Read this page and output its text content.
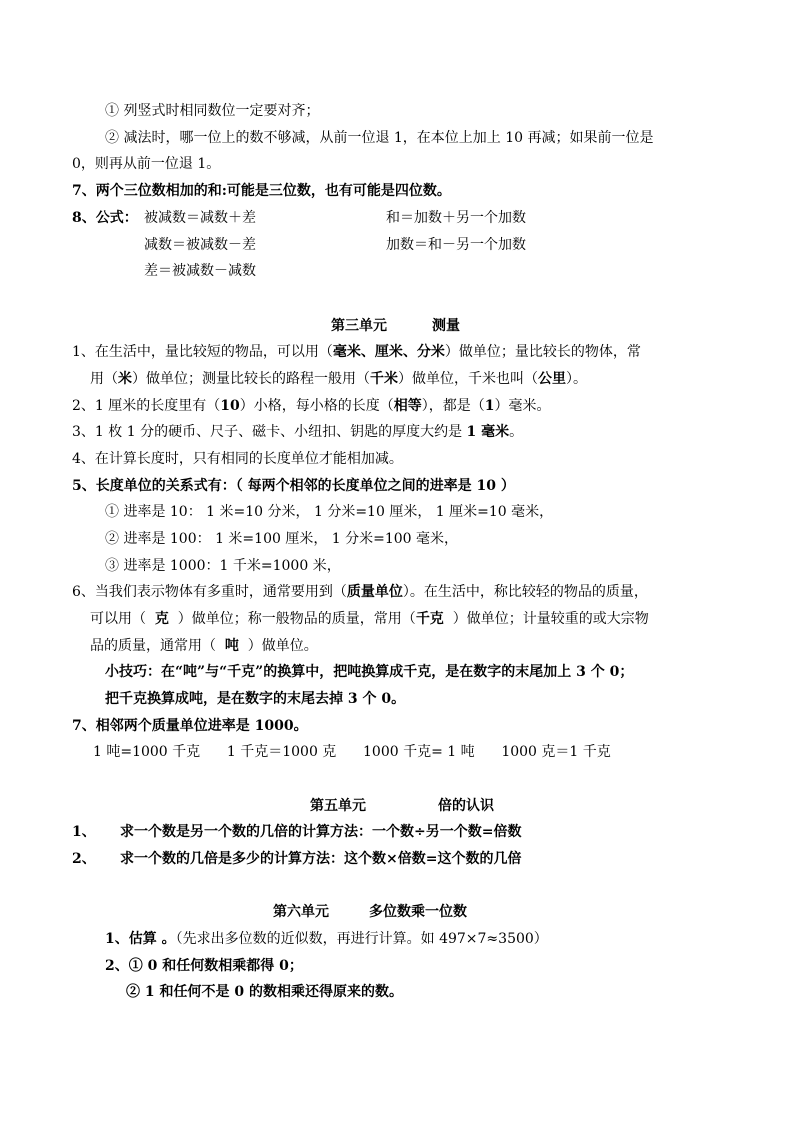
① 列竖式时相同数位一定要对齐；
② 减法时，哪一位上的数不够减，从前一位退 1，在本位上加上 10 再减；如果前一位是
0，则再从前一位退 1。
7、两个三位数相加的和:可能是三位数，也有可能是四位数。
8、公式： 被减数＝减数＋差	和＝加数＋另一个加数
减数＝被减数－差	加数＝和－另一个加数
差＝被减数－减数
第三单元	测量
1、在生活中，量比较短的物品，可以用（毫米、厘米、分米）做单位；量比较长的物体，常
用（米）做单位；测量比较长的路程一般用（千米）做单位，千米也叫（公里）。
2、1 厘米的长度里有（10）小格，每小格的长度（相等），都是（1）毫米。
3、1 枚 1 分的硬币、尺子、磁卡、小纽扣、钥匙的厚度大约是 1 毫米。
4、在计算长度时，只有相同的长度单位才能相加减。
5、长度单位的关系式有：（ 每两个相邻的长度单位之间的进率是 10 ）
① 进率是 10： 1 米=10 分米， 1 分米=10 厘米， 1 厘米=10 毫米，
② 进率是 100： 1 米=100 厘米， 1 分米=100 毫米，
③ 进率是 1000：1 千米=1000 米，
6、当我们表示物体有多重时，通常要用到（质量单位）。在生活中，称比较轻的物品的质量，
可以用（  克  ）做单位；称一般物品的质量，常用（千克  ）做单位；计量较重的或大宗物
品的质量，通常用（  吨  ）做单位。
小技巧：在“吨”与“千克”的换算中，把吨换算成千克，是在数字的末尾加上 3 个 0；
把千克换算成吨，是在数字的末尾去掉 3 个 0。
7、相邻两个质量单位进率是 1000。
1 吨=1000 千克      1 千克＝1000 克      1000 千克= 1 吨      1000 克＝1 千克
第五单元	倍的认识
1、 求一个数是另一个数的几倍的计算方法：一个数÷另一个数=倍数
2、 求一个数的几倍是多少的计算方法：这个数×倍数=这个数的几倍
第六单元	多位数乘一位数
1、估算 。（先求出多位数的近似数，再进行计算。如 497×7≈3500）
2、① 0 和任何数相乘都得 0；
② 1 和任何不是 0 的数相乘还得原来的数。
